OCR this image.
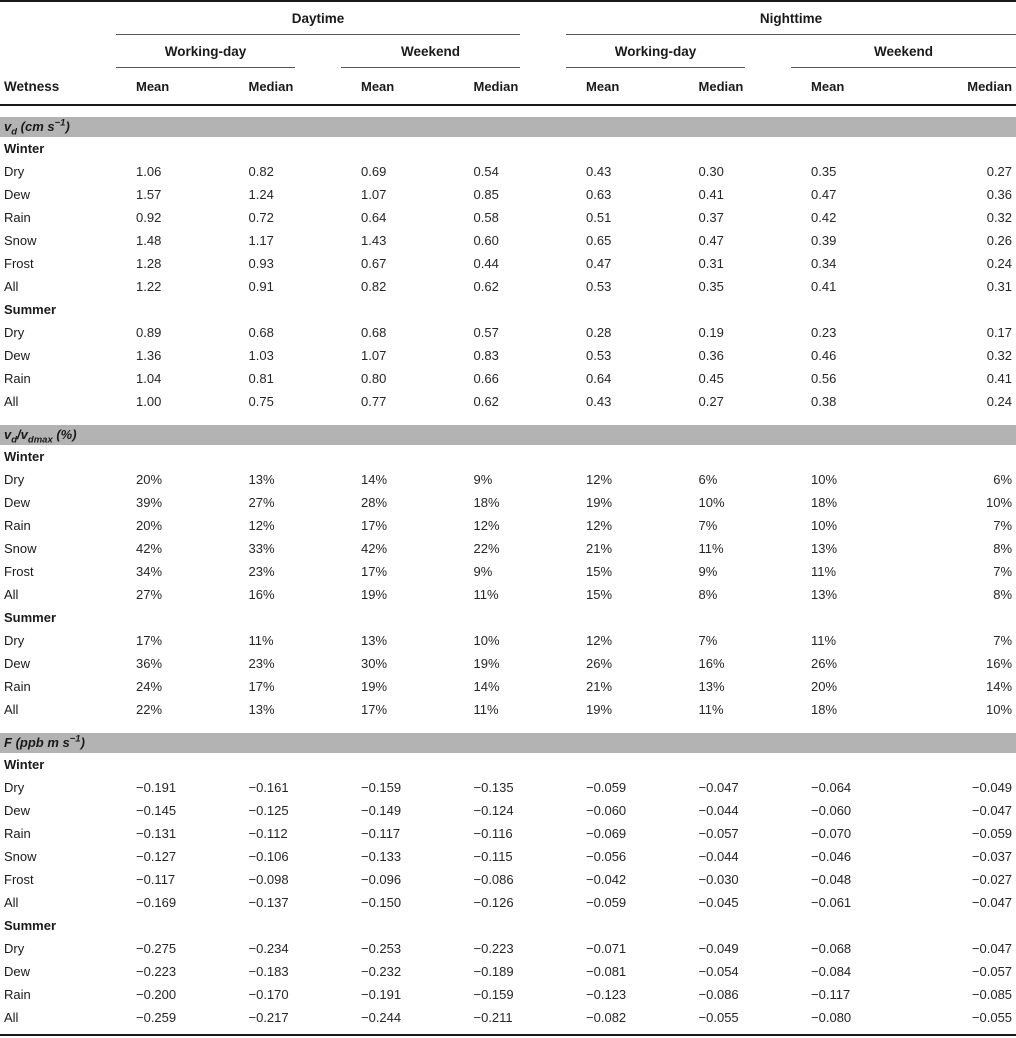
	Daytime				Nighttime			

	Working-day		Weekend		Working-day		Weekend	

Wetness	Mean	Median	Mean	Median	Mean	Median	Mean	Median

$v_d$ (cm $s^{-1}$)								
Winter								
Dry	1.06	0.82	0.69	0.54	0.43	0.30	0.35	0.27
Dew	1.57	1.24	1.07	0.85	0.63	0.41	0.47	0.36
Rain	0.92	0.72	0.64	0.58	0.51	0.37	0.42	0.32
Snow	1.48	1.17	1.43	0.60	0.65	0.47	0.39	0.26
Frost	1.28	0.93	0.67	0.44	0.47	0.31	0.34	0.24
All	1.22	0.91	0.82	0.62	0.53	0.35	0.41	0.31
Summer								
Dry	0.89	0.68	0.68	0.57	0.28	0.19	0.23	0.17
Dew	1.36	1.03	1.07	0.83	0.53	0.36	0.46	0.32
Rain	1.04	0.81	0.80	0.66	0.64	0.45	0.56	0.41
All	1.00	0.75	0.77	0.62	0.43	0.27	0.38	0.24

$v_d/v_{dmax}$ (%)								
Winter								
Dry	20%	13%	14%	9%	12%	6%	10%	6%
Dew	39%	27%	28%	18%	19%	10%	18%	10%
Rain	20%	12%	17%	12%	12%	7%	10%	7%
Snow	42%	33%	42%	22%	21%	11%	13%	8%
Frost	34%	23%	17%	9%	15%	9%	11%	7%
All	27%	16%	19%	11%	15%	8%	13%	8%
Summer								
Dry	17%	11%	13%	10%	12%	7%	11%	7%
Dew	36%	23%	30%	19%	26%	16%	26%	16%
Rain	24%	17%	19%	14%	21%	13%	20%	14%
All	22%	13%	17%	11%	19%	11%	18%	10%

F (ppb m $s^{-1}$)								
Winter								
Dry	−0.191	−0.161	−0.159	−0.135	−0.059	−0.047	−0.064	−0.049
Dew	−0.145	−0.125	−0.149	−0.124	−0.060	−0.044	−0.060	−0.047
Rain	−0.131	−0.112	−0.117	−0.116	−0.069	−0.057	−0.070	−0.059
Snow	−0.127	−0.106	−0.133	−0.115	−0.056	−0.044	−0.046	−0.037
Frost	−0.117	−0.098	−0.096	−0.086	−0.042	−0.030	−0.048	−0.027
All	−0.169	−0.137	−0.150	−0.126	−0.059	−0.045	−0.061	−0.047
Summer								
Dry	−0.275	−0.234	−0.253	−0.223	−0.071	−0.049	−0.068	−0.047
Dew	−0.223	−0.183	−0.232	−0.189	−0.081	−0.054	−0.084	−0.057
Rain	−0.200	−0.170	−0.191	−0.159	−0.123	−0.086	−0.117	−0.085
All	−0.259	−0.217	−0.244	−0.211	−0.082	−0.055	−0.080	−0.055
